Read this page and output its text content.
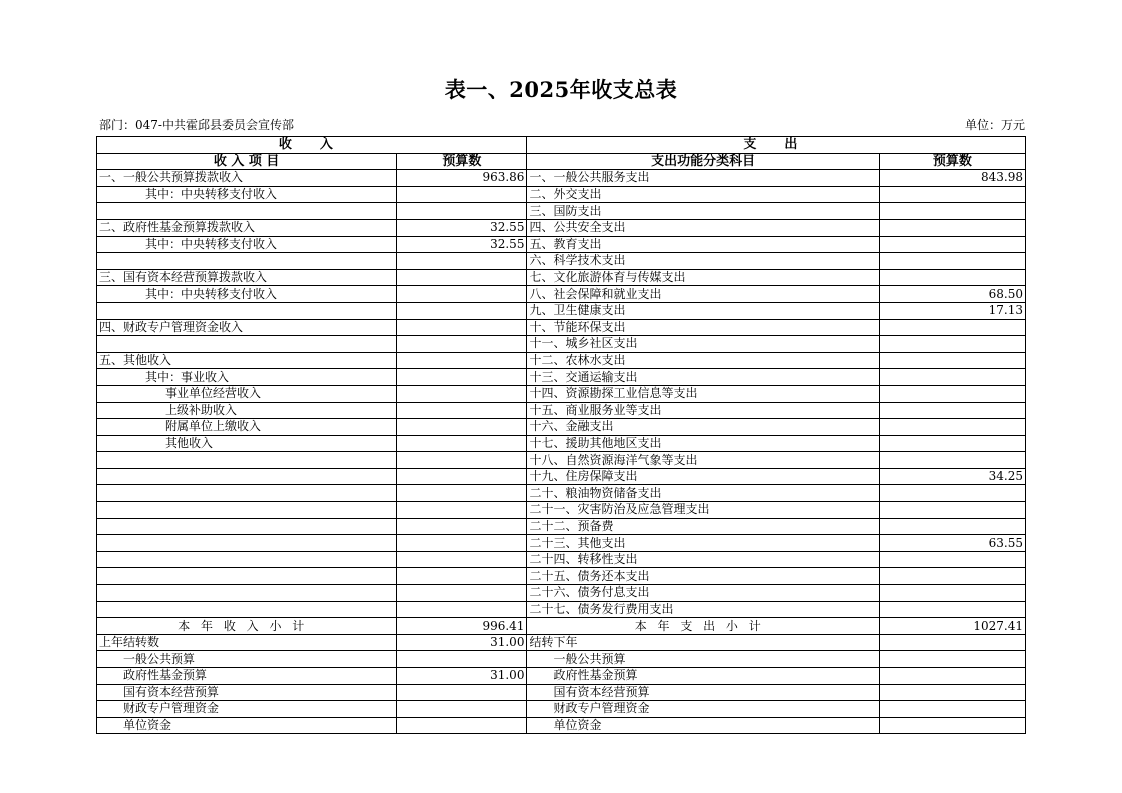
表一、2025年收支总表
部门：047-中共霍邱县委员会宣传部	单位：万元
收 入		支 出	
收 入 项 目	预算数	支出功能分类科目	预算数
一、一般公共预算拨款收入	963.86	一、一般公共服务支出	843.98
其中：中央转移支付收入		二、外交支出	
		三、国防支出	
二、政府性基金预算拨款收入	32.55	四、公共安全支出	
其中：中央转移支付收入	32.55	五、教育支出	
		六、科学技术支出	
三、国有资本经营预算拨款收入		七、文化旅游体育与传媒支出	
其中：中央转移支付收入		八、社会保障和就业支出	68.50
		九、卫生健康支出	17.13
四、财政专户管理资金收入		十、节能环保支出	
		十一、城乡社区支出	
五、其他收入		十二、农林水支出	
其中：事业收入		十三、交通运输支出	
事业单位经营收入		十四、资源勘探工业信息等支出	
上级补助收入		十五、商业服务业等支出	
附属单位上缴收入		十六、金融支出	
其他收入		十七、援助其他地区支出	
		十八、自然资源海洋气象等支出	
		十九、住房保障支出	34.25
		二十、粮油物资储备支出	
		二十一、灾害防治及应急管理支出	
		二十二、预备费	
		二十三、其他支出	63.55
		二十四、转移性支出	
		二十五、债务还本支出	
		二十六、债务付息支出	
		二十七、债务发行费用支出	
本年收入小计	996.41	本年支出小计	1027.41
上年结转数	31.00	结转下年	
一般公共预算		一般公共预算	
政府性基金预算	31.00	政府性基金预算	
国有资本经营预算		国有资本经营预算	
财政专户管理资金		财政专户管理资金	
单位资金		单位资金	
